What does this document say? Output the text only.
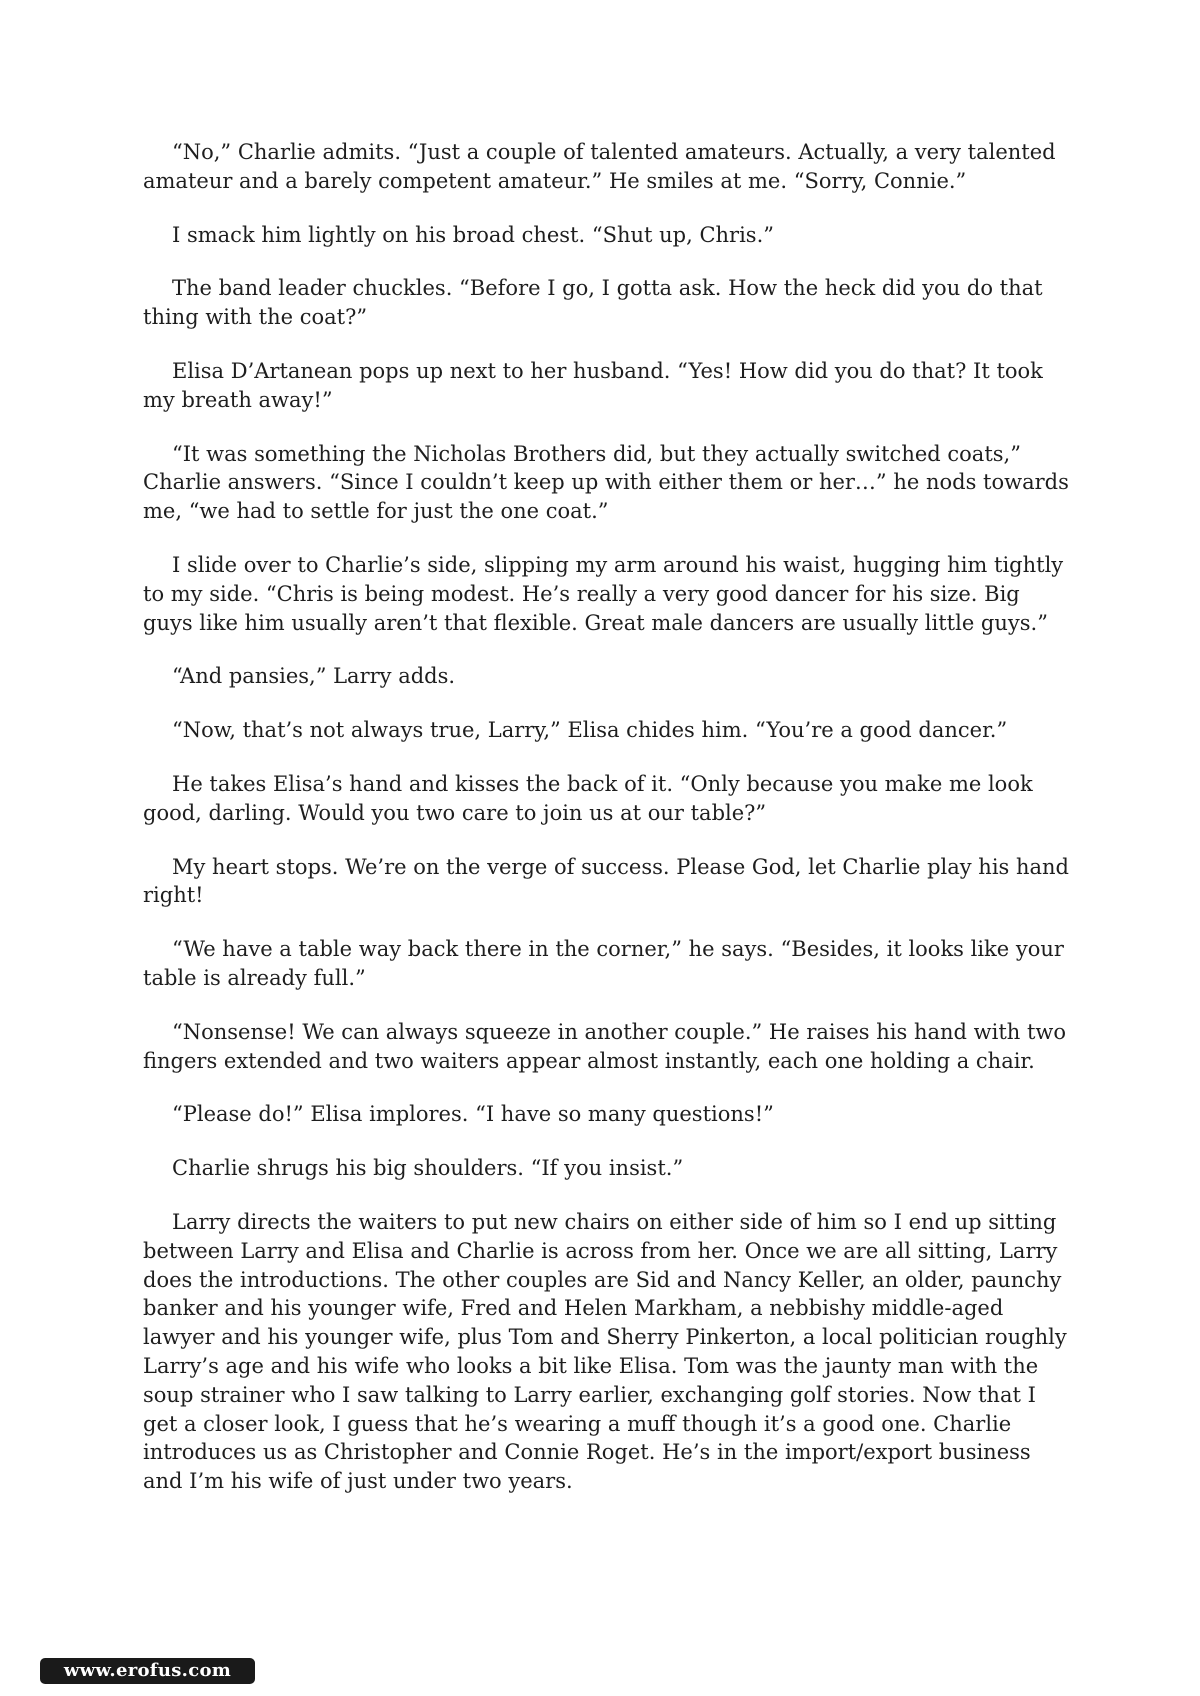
“No,” Charlie admits. “Just a couple of talented amateurs. Actually, a very talented amateur and a barely competent amateur.” He smiles at me. “Sorry, Connie.”

I smack him lightly on his broad chest. “Shut up, Chris.”

The band leader chuckles. “Before I go, I gotta ask. How the heck did you do that thing with the coat?”

Elisa D’Artanean pops up next to her husband. “Yes! How did you do that? It took my breath away!”

“It was something the Nicholas Brothers did, but they actually switched coats,” Charlie answers. “Since I couldn’t keep up with either them or her…” he nods towards me, “we had to settle for just the one coat.”

I slide over to Charlie’s side, slipping my arm around his waist, hugging him tightly to my side. “Chris is being modest. He’s really a very good dancer for his size. Big guys like him usually aren’t that flexible. Great male dancers are usually little guys.”

“And pansies,” Larry adds.

“Now, that’s not always true, Larry,” Elisa chides him. “You’re a good dancer.”

He takes Elisa’s hand and kisses the back of it. “Only because you make me look good, darling. Would you two care to join us at our table?”

My heart stops. We’re on the verge of success. Please God, let Charlie play his hand right!

“We have a table way back there in the corner,” he says. “Besides, it looks like your table is already full.”

“Nonsense! We can always squeeze in another couple.” He raises his hand with two fingers extended and two waiters appear almost instantly, each one holding a chair.

“Please do!” Elisa implores. “I have so many questions!”

Charlie shrugs his big shoulders. “If you insist.”

Larry directs the waiters to put new chairs on either side of him so I end up sitting between Larry and Elisa and Charlie is across from her. Once we are all sitting, Larry does the introductions. The other couples are Sid and Nancy Keller, an older, paunchy banker and his younger wife, Fred and Helen Markham, a nebbishy middle-aged lawyer and his younger wife, plus Tom and Sherry Pinkerton, a local politician roughly Larry’s age and his wife who looks a bit like Elisa. Tom was the jaunty man with the soup strainer who I saw talking to Larry earlier, exchanging golf stories. Now that I get a closer look, I guess that he’s wearing a muff though it’s a good one. Charlie introduces us as Christopher and Connie Roget. He’s in the import/export business and I’m his wife of just under two years.

www.erofus.com
